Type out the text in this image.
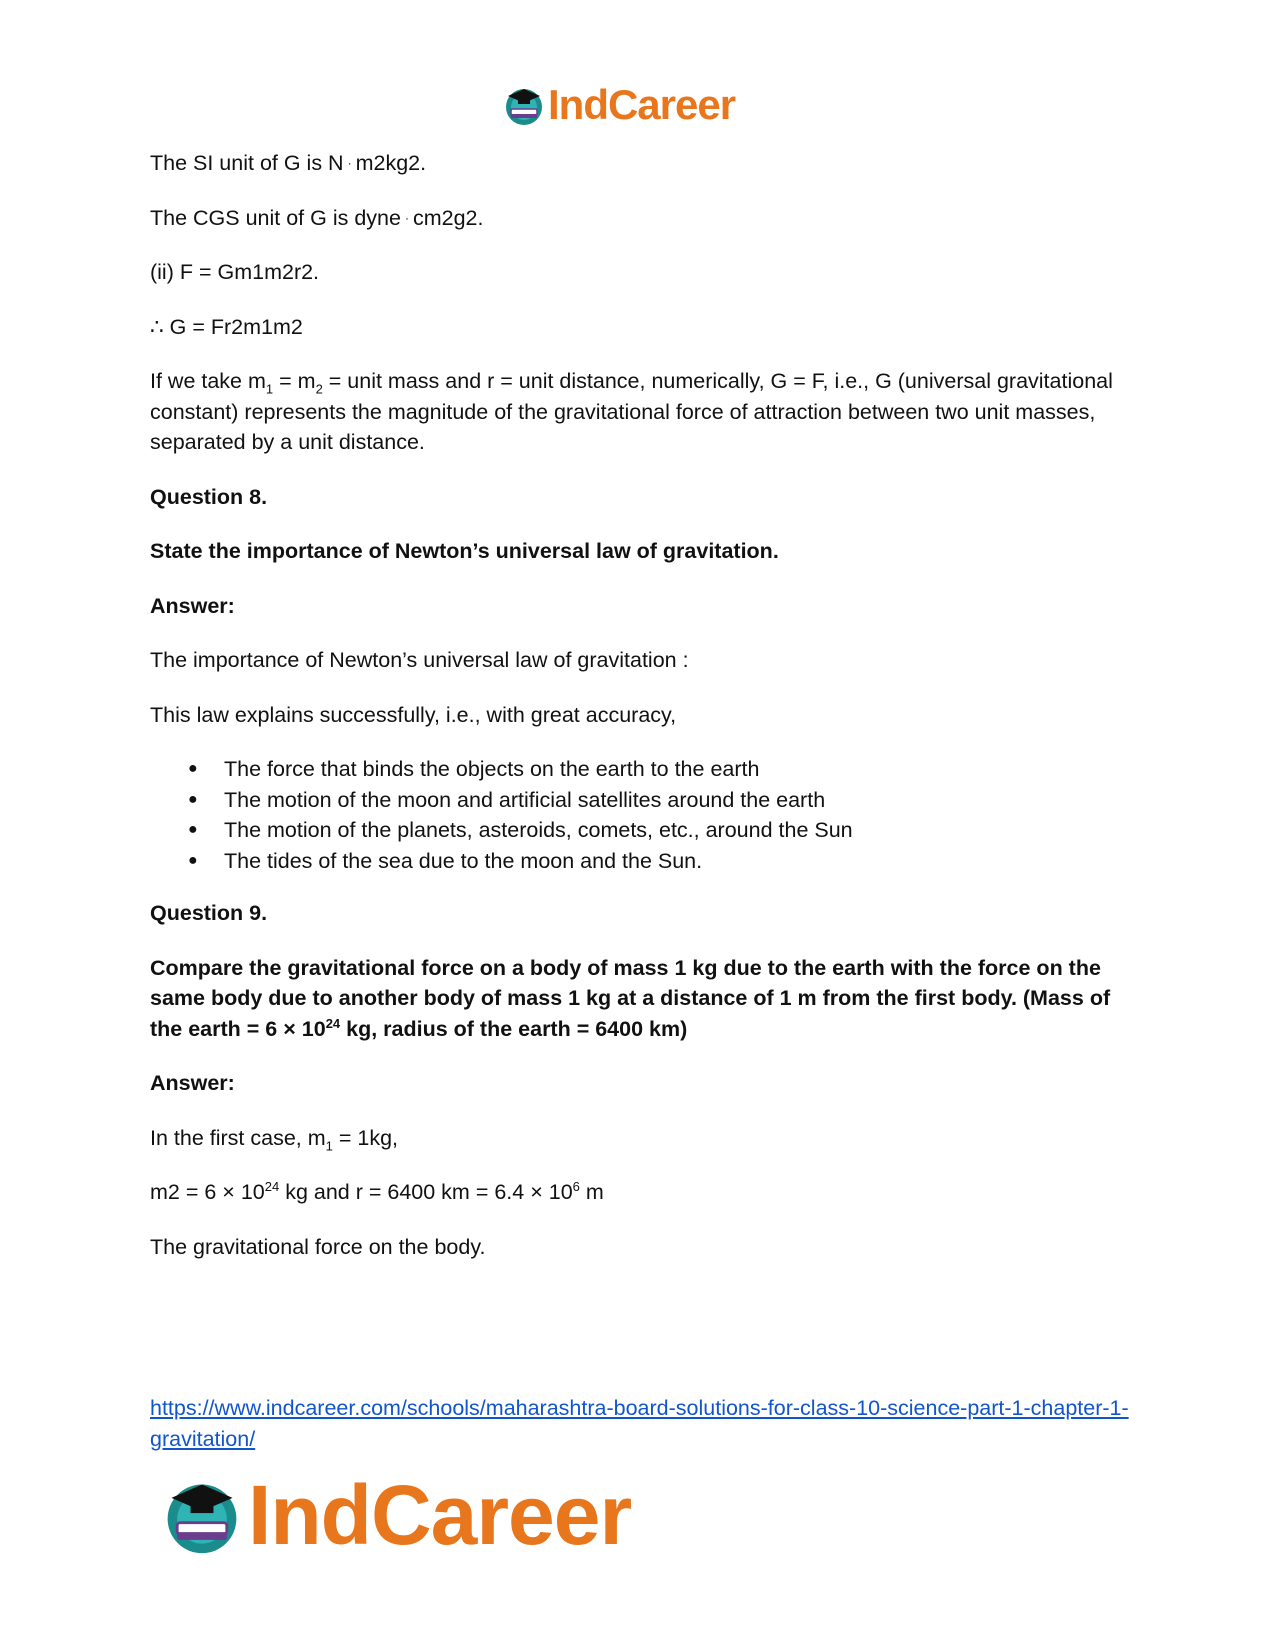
IndCareer

The SI unit of G is N · m2kg2.

The CGS unit of G is dyne · cm2g2.

(ii) F = Gm1m2r2.

∴ G = Fr2m1m2

If we take $m_1 = m_2$ = unit mass and r = unit distance, numerically, G = F, i.e., G (universal gravitational constant) represents the magnitude of the gravitational force of attraction between two unit masses, separated by a unit distance.

Question 8.

State the importance of Newton’s universal law of gravitation.

Answer:

The importance of Newton’s universal law of gravitation :

This law explains successfully, i.e., with great accuracy,

● The force that binds the objects on the earth to the earth
● The motion of the moon and artificial satellites around the earth
● The motion of the planets, asteroids, comets, etc., around the Sun
● The tides of the sea due to the moon and the Sun.

Question 9.

Compare the gravitational force on a body of mass 1 kg due to the earth with the force on the same body due to another body of mass 1 kg at a distance of 1 m from the first body. (Mass of the earth = $6 \times 10^{24}$ kg, radius of the earth = 6400 km)

Answer:

In the first case, $m_1 = 1kg$,

$m2 = 6 \times 10^{24}$ kg and r = 6400 km = $6.4 \times 10^6$ m

The gravitational force on the body.

https://www.indcareer.com/schools/maharashtra-board-solutions-for-class-10-science-part-1-chapter-1-gravitation/
IndCareer
